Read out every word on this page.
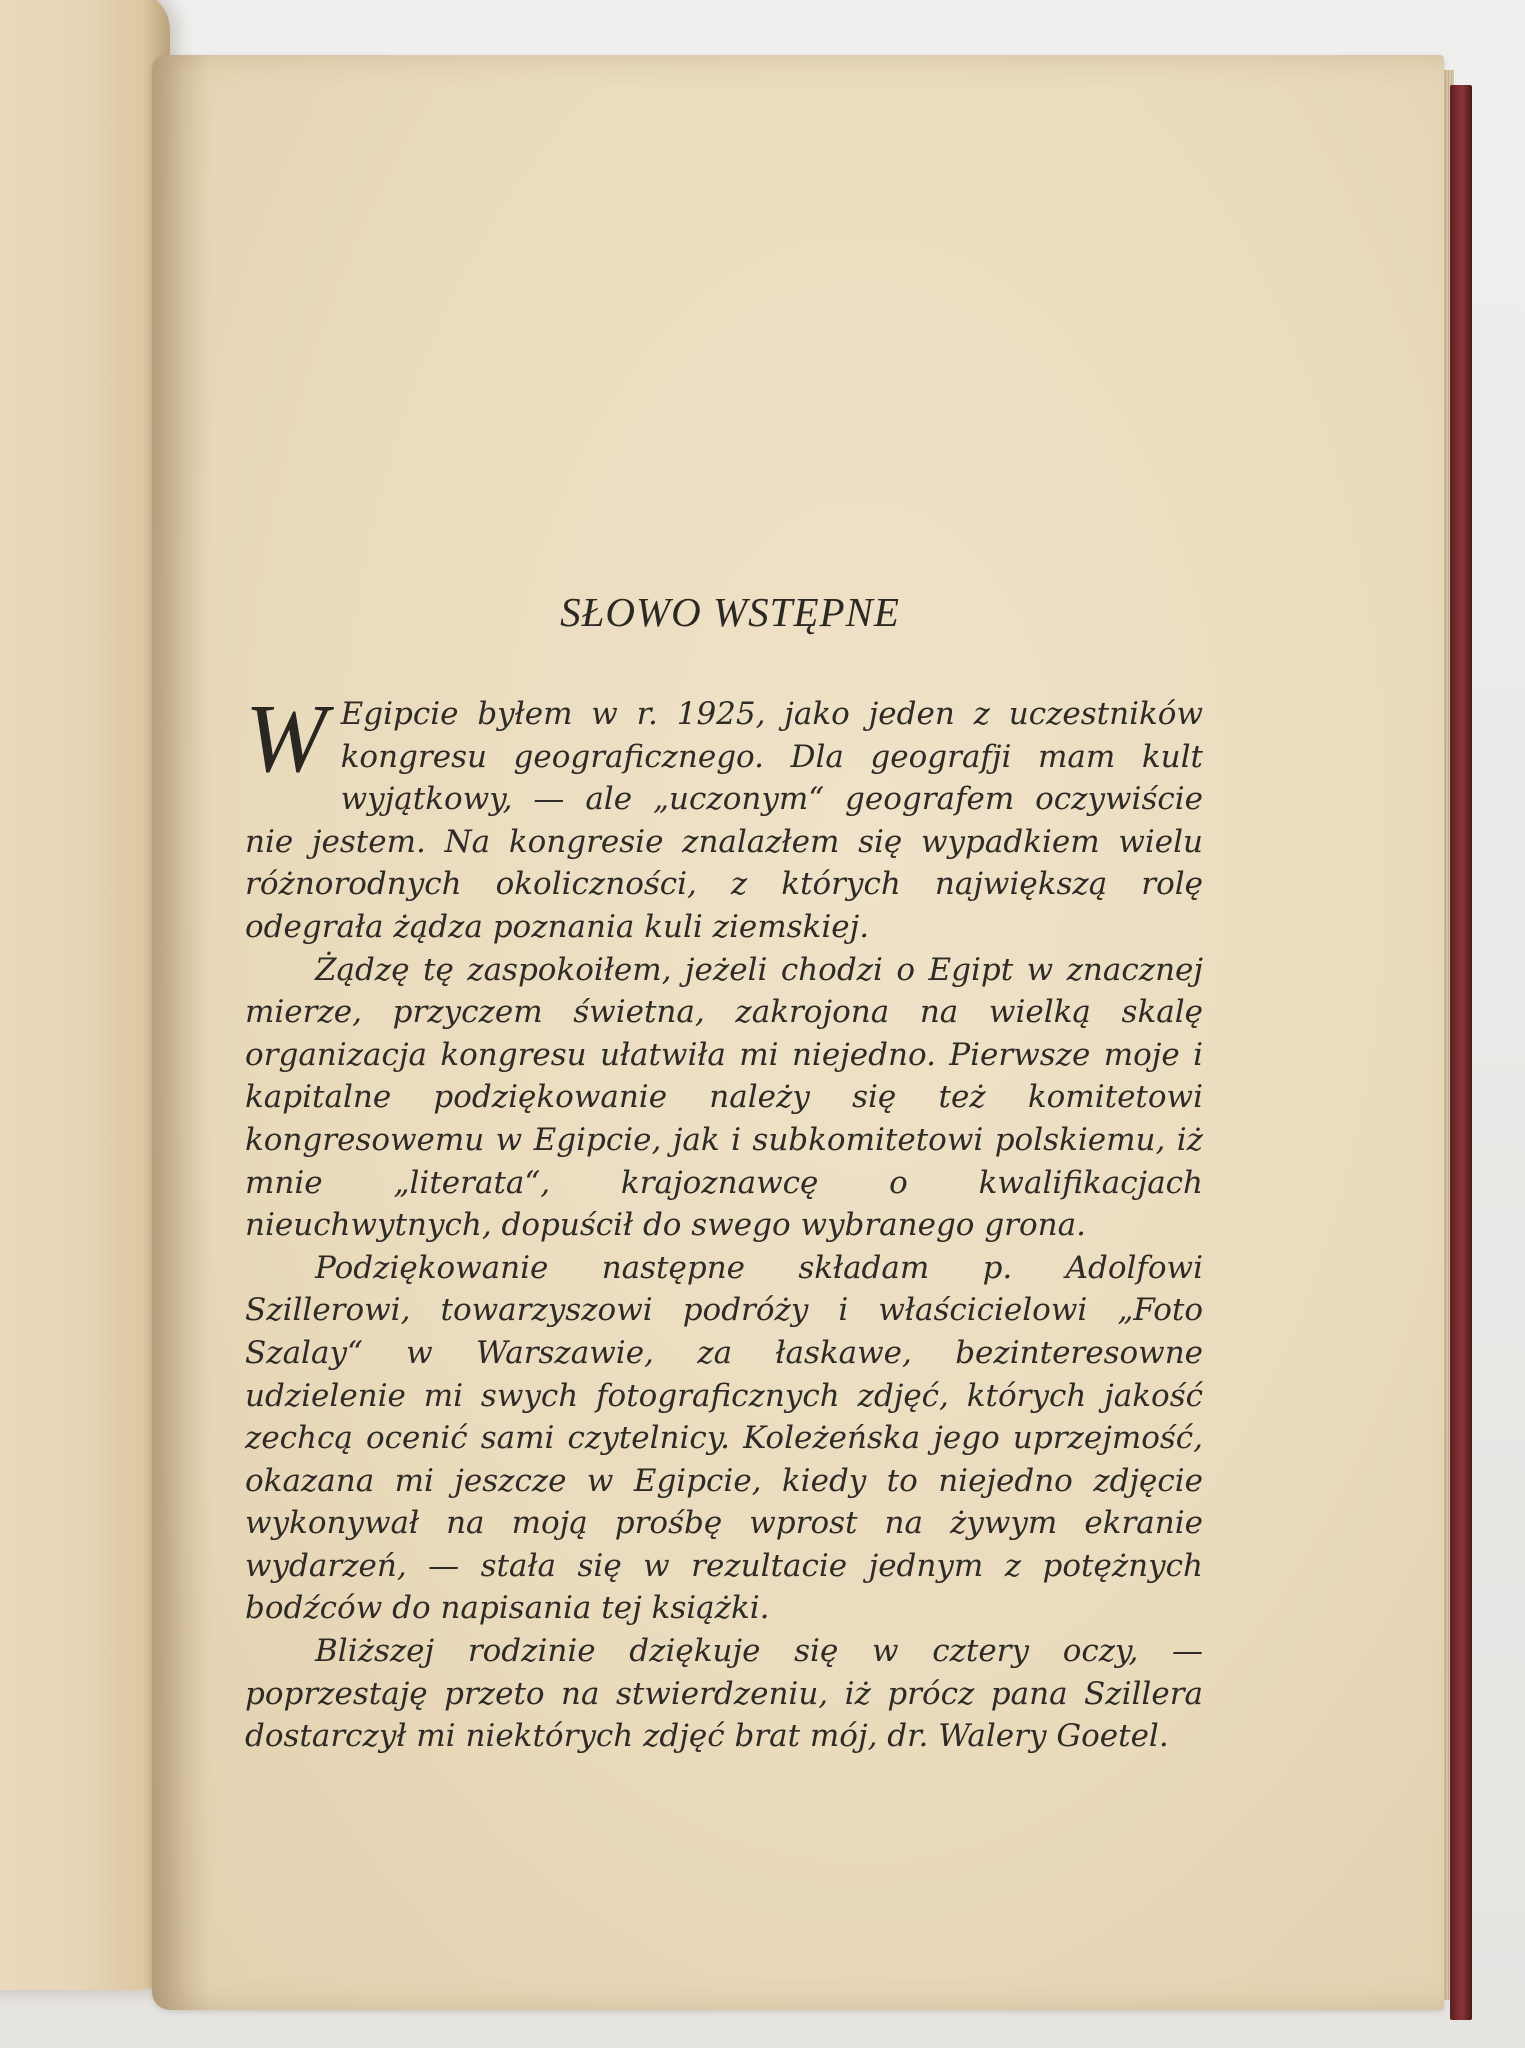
SŁOWO WSTĘPNE

W Egipcie byłem w r. 1925, jako jeden z uczestników kongresu geograficznego. Dla geografji mam kult wyjątkowy, — ale „uczonym“ geografem oczywiście nie jestem. Na kongresie znalazłem się wypadkiem wielu różnorodnych okoliczności, z których największą rolę odegrała żądza poznania kuli ziemskiej.

Żądzę tę zaspokoiłem, jeżeli chodzi o Egipt w znacznej mierze, przyczem świetna, zakrojona na wielką skalę organizacja kongresu ułatwiła mi niejedno. Pierwsze moje i kapitalne podziękowanie należy się też komitetowi kongresowemu w Egipcie, jak i subkomitetowi polskiemu, iż mnie „literata“, krajoznawcę o kwalifikacjach nieuchwytnych, dopuścił do swego wybranego grona.

Podziękowanie następne składam p. Adolfowi Szillerowi, towarzyszowi podróży i właścicielowi „Foto Szalay“ w Warszawie, za łaskawe, bezinteresowne udzielenie mi swych fotograficznych zdjęć, których jakość zechcą ocenić sami czytelnicy. Koleżeńska jego uprzejmość, okazana mi jeszcze w Egipcie, kiedy to niejedno zdjęcie wykonywał na moją prośbę wprost na żywym ekranie wydarzeń, — stała się w rezultacie jednym z potężnych bodźców do napisania tej książki.

Bliższej rodzinie dziękuje się w cztery oczy, — poprzestaję przeto na stwierdzeniu, iż prócz pana Szillera dostarczył mi niektórych zdjęć brat mój, dr. Walery Goetel.
